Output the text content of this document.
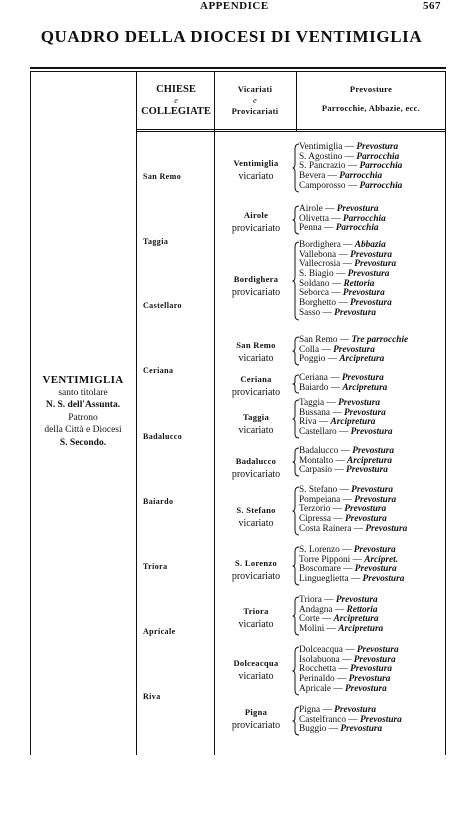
APPENDICE	567
QUADRO DELLA DIOCESI DI VENTIMIGLIA
CHIESE
e
COLLEGIATE
Vicariati
e
Provicariati
Prevosture
Parrocchie, Abbazie, ecc.
VENTIMIGLIA
santo titolare
N. S. dell'Assunta.
Patrono
della Città e Diocesi
S. Secondo.
San Remo
Taggia
Castellaro
Ceriana
Badalucco
Baiardo
Triora
Apricale
Riva
Ventimiglia
vicariato
Airole
provicariato
Bordighera
provicariato
San Remo
vicariato
Ceriana
provicariato
Taggia
vicariato
Badalucco
provicariato
S. Stefano
vicariato
S. Lorenzo
provicariato
Triora
vicariato
Dolceacqua
vicariato
Pigna
provicariato
Ventimiglia — Prevostura
S. Agostino — Parrocchia
S. Pancrazio — Parrocchia
Bevera — Parrocchia
Camporosso — Parrocchia
Airole — Prevostura
Olivetta — Parrocchia
Penna — Parrocchia
Bordighera — Abbazia
Vallebona — Prevostura
Vallecrosia — Prevostura
S. Biagio — Prevostura
Soldano — Rettoria
Seborca — Prevostura
Borghetto — Prevostura
Sasso — Prevostura
San Remo — Tre parrocchie
Colla — Prevostura
Poggio — Arcipretura
Ceriana — Prevostura
Baiardo — Arcipretura
Taggia — Prevostura
Bussana — Prevostura
Riva — Arcipretura
Castellaro — Prevostura
Badalucco — Prevostura
Montalto — Arcipretura
Carpasio — Prevostura
S. Stefano — Prevostura
Pompeiana — Prevostura
Terzorio — Prevostura
Cipressa — Prevostura
Costa Rainera — Prevostura
S. Lorenzo — Prevostura
Torre Pipponi — Arcipret.
Boscomare — Prevostura
Lingueglietta — Prevostura
Triora — Prevostura
Andagna — Rettoria
Corte — Arcipretura
Molini — Arcipretura
Dolceacqua — Prevostura
Isolabuona — Prevostura
Rocchetta — Prevostura
Perinaldo — Prevostura
Apricale — Prevostura
Pigna — Prevostura
Castelfranco — Prevostura
Buggio — Prevostura
